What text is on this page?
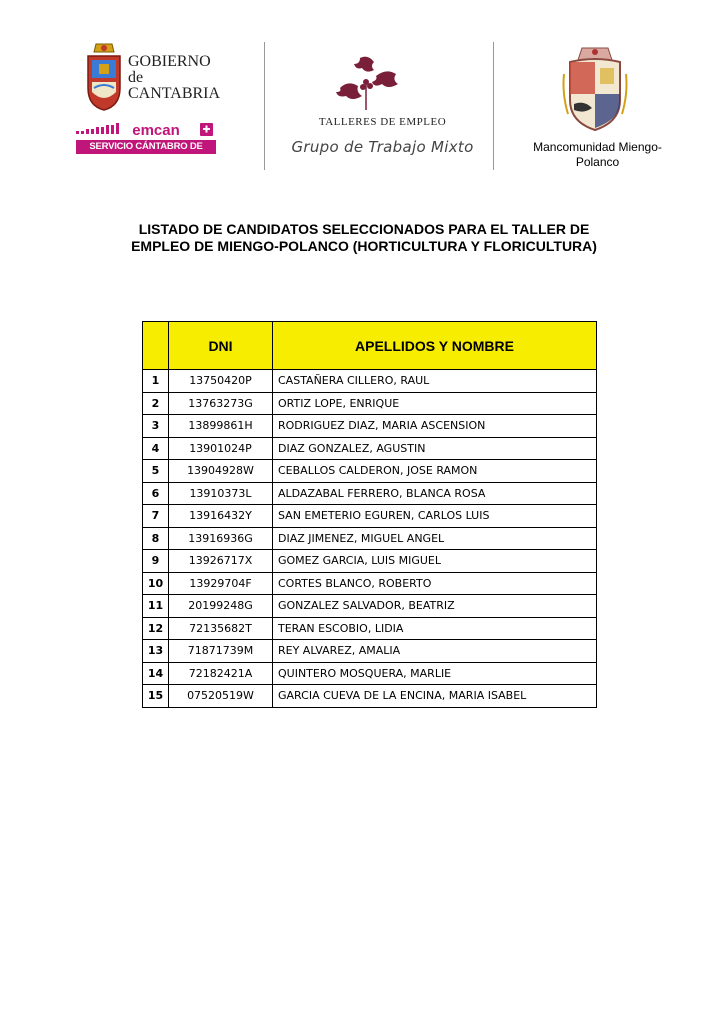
GOBIERNO
de
CANTABRIA
emcan
SERVICIO CÁNTABRO DE EMPLEO
TALLERES DE EMPLEO
Grupo de Trabajo Mixto	Mancomunidad Miengo-
Polanco
LISTADO DE CANDIDATOS SELECCIONADOS PARA EL TALLER DE
EMPLEO DE MIENGO-POLANCO (HORTICULTURA Y FLORICULTURA)
	DNI	APELLIDOS Y NOMBRE
1	13750420P	CASTAÑERA CILLERO, RAUL
2	13763273G	ORTIZ LOPE, ENRIQUE
3	13899861H	RODRIGUEZ DIAZ, MARIA ASCENSION
4	13901024P	DIAZ GONZALEZ, AGUSTIN
5	13904928W	CEBALLOS CALDERON, JOSE RAMON
6	13910373L	ALDAZABAL FERRERO, BLANCA ROSA
7	13916432Y	SAN EMETERIO EGUREN, CARLOS LUIS
8	13916936G	DIAZ JIMENEZ, MIGUEL ANGEL
9	13926717X	GOMEZ GARCIA, LUIS MIGUEL
10	13929704F	CORTES BLANCO, ROBERTO
11	20199248G	GONZALEZ SALVADOR, BEATRIZ
12	72135682T	TERAN ESCOBIO, LIDIA
13	71871739M	REY ALVAREZ, AMALIA
14	72182421A	QUINTERO MOSQUERA, MARLIE
15	07520519W	GARCIA CUEVA DE LA ENCINA, MARIA ISABEL
